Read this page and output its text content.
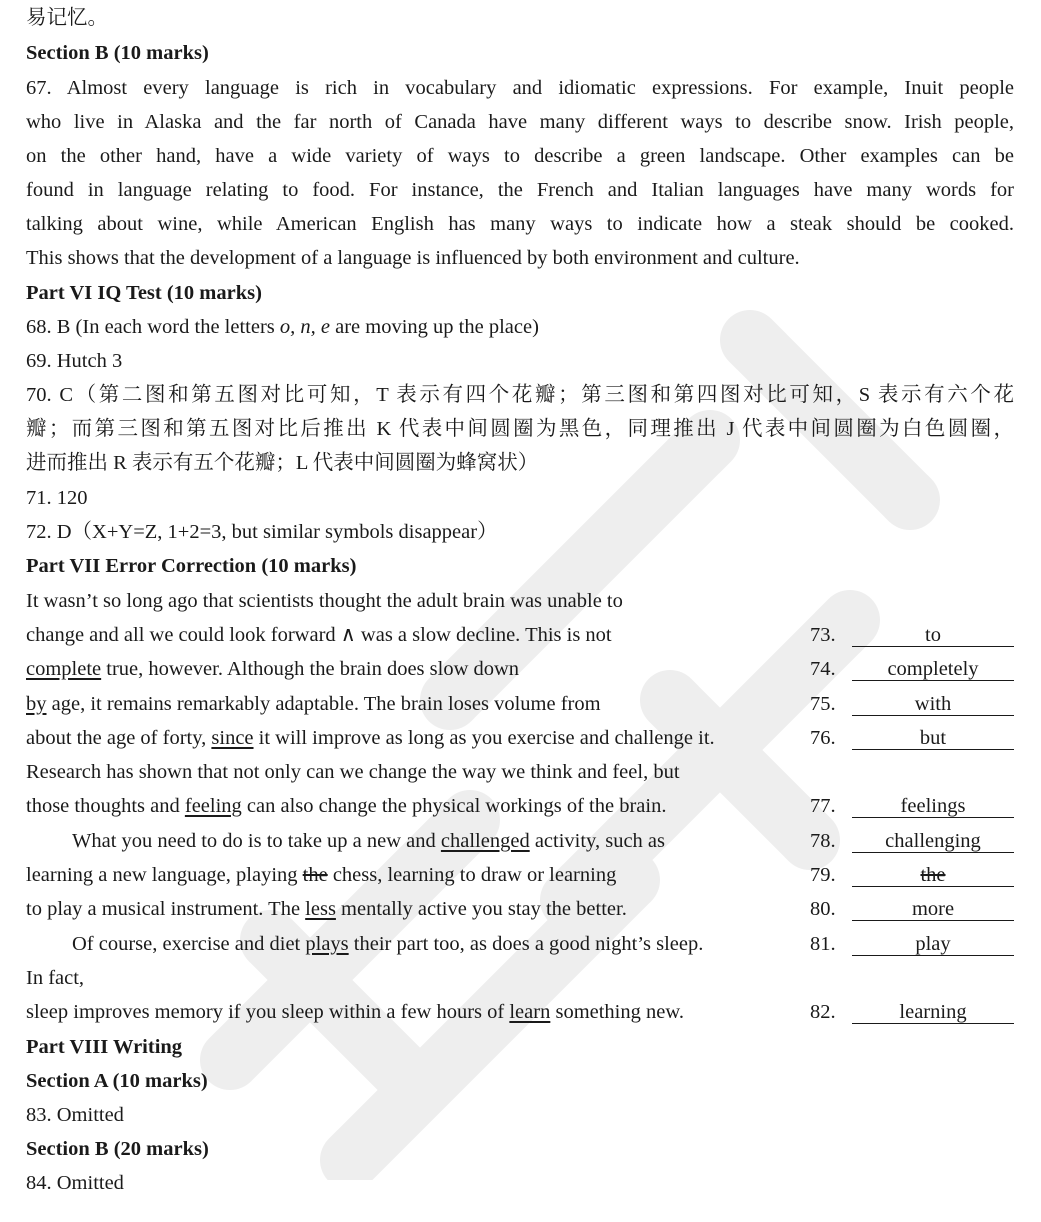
易记忆。
Section B (10 marks)
67. Almost every language is rich in vocabulary and idiomatic expressions. For example, Inuit people
who live in Alaska and the far north of Canada have many different ways to describe snow. Irish people,
on the other hand, have a wide variety of ways to describe a green landscape. Other examples can be
found in language relating to food. For instance, the French and Italian languages have many words for
talking about wine, while American English has many ways to indicate how a steak should be cooked.
This shows that the development of a language is influenced by both environment and culture.
Part VI IQ Test (10 marks)
68. B (In each word the letters o, n, e are moving up the place)
69. Hutch 3
70. C（第二图和第五图对比可知，T 表示有四个花瓣；第三图和第四图对比可知，S 表示有六个花
瓣；而第三图和第五图对比后推出 K 代表中间圆圈为黑色，同理推出 J 代表中间圆圈为白色圆圈，
进而推出 R 表示有五个花瓣；L 代表中间圆圈为蜂窝状）
71. 120
72. D（X+Y=Z, 1+2=3, but similar symbols disappear）
Part VII Error Correction (10 marks)
It wasn’t so long ago that scientists thought the adult brain was unable to
change and all we could look forward ∧ was a slow decline. This is not
complete true, however. Although the brain does slow down
by age, it remains remarkably adaptable. The brain loses volume from
about the age of forty, since it will improve as long as you exercise and challenge it.
Research has shown that not only can we change the way we think and feel, but
those thoughts and feeling can also change the physical workings of the brain.
What you need to do is to take up a new and challenged activity, such as
learning a new language, playing the chess, learning to draw or learning
to play a musical instrument. The less mentally active you stay the better.
Of course, exercise and diet plays their part too, as does a good night’s sleep.
In fact,
sleep improves memory if you sleep within a few hours of learn something new.
73.	to
74.	completely
75.	with
76.	but
77.	feelings
78.	challenging
79.	the
80.	more
81.	play
82.	learning
Part VIII Writing
Section A (10 marks)
83. Omitted
Section B (20 marks)
84. Omitted
